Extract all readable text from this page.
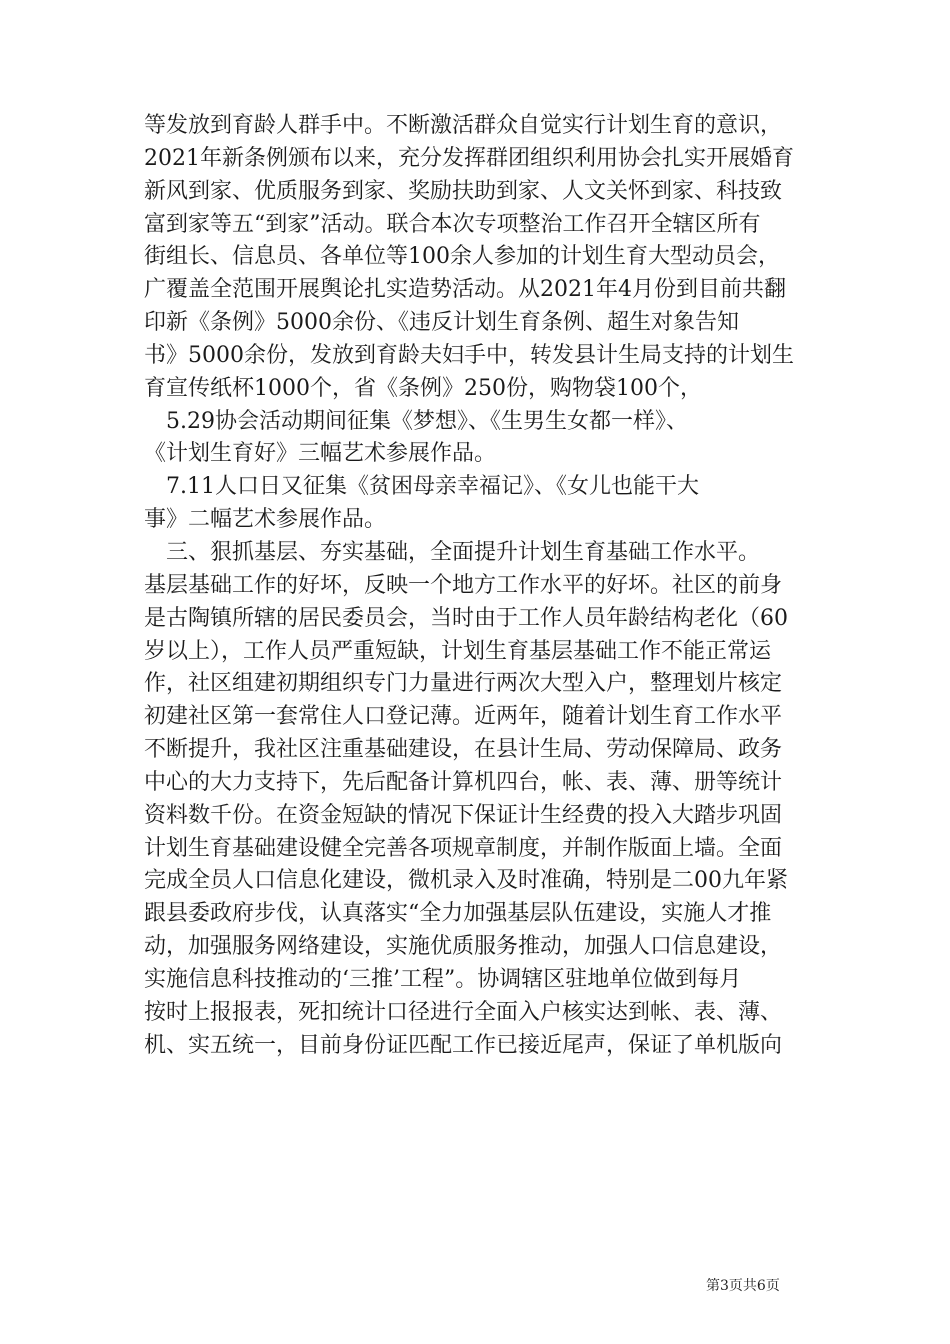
等发放到育龄人群手中。不断激活群众自觉实行计划生育的意识，
2021年新条例颁布以来，充分发挥群团组织利用协会扎实开展婚育
新风到家、优质服务到家、奖励扶助到家、人文关怀到家、科技致
富到家等五“到家”活动。联合本次专项整治工作召开全辖区所有
街组长、信息员、各单位等100余人参加的计划生育大型动员会，
广覆盖全范围开展舆论扎实造势活动。从2021年4月份到目前共翻
印新《条例》5000余份、《违反计划生育条例、超生对象告知
书》5000余份，发放到育龄夫妇手中，转发县计生局支持的计划生
育宣传纸杯1000个，省《条例》250份，购物袋100个，
　5.29协会活动期间征集《梦想》、《生男生女都一样》、
《计划生育好》三幅艺术参展作品。
　7.11人口日又征集《贫困母亲幸福记》、《女儿也能干大
事》二幅艺术参展作品。
　三、狠抓基层、夯实基础，全面提升计划生育基础工作水平。
基层基础工作的好坏，反映一个地方工作水平的好坏。社区的前身
是古陶镇所辖的居民委员会，当时由于工作人员年龄结构老化（60
岁以上），工作人员严重短缺，计划生育基层基础工作不能正常运
作，社区组建初期组织专门力量进行两次大型入户，整理划片核定
初建社区第一套常住人口登记薄。近两年，随着计划生育工作水平
不断提升，我社区注重基础建设，在县计生局、劳动保障局、政务
中心的大力支持下，先后配备计算机四台，帐、表、薄、册等统计
资料数千份。在资金短缺的情况下保证计生经费的投入大踏步巩固
计划生育基础建设健全完善各项规章制度，并制作版面上墙。全面
完成全员人口信息化建设，微机录入及时准确，特别是二00九年紧
跟县委政府步伐，认真落实“全力加强基层队伍建设，实施人才推
动，加强服务网络建设，实施优质服务推动，加强人口信息建设，
实施信息科技推动的‘三推’工程”。协调辖区驻地单位做到每月
按时上报报表，死扣统计口径进行全面入户核实达到帐、表、薄、
机、实五统一，目前身份证匹配工作已接近尾声，保证了单机版向
第3页共6页
